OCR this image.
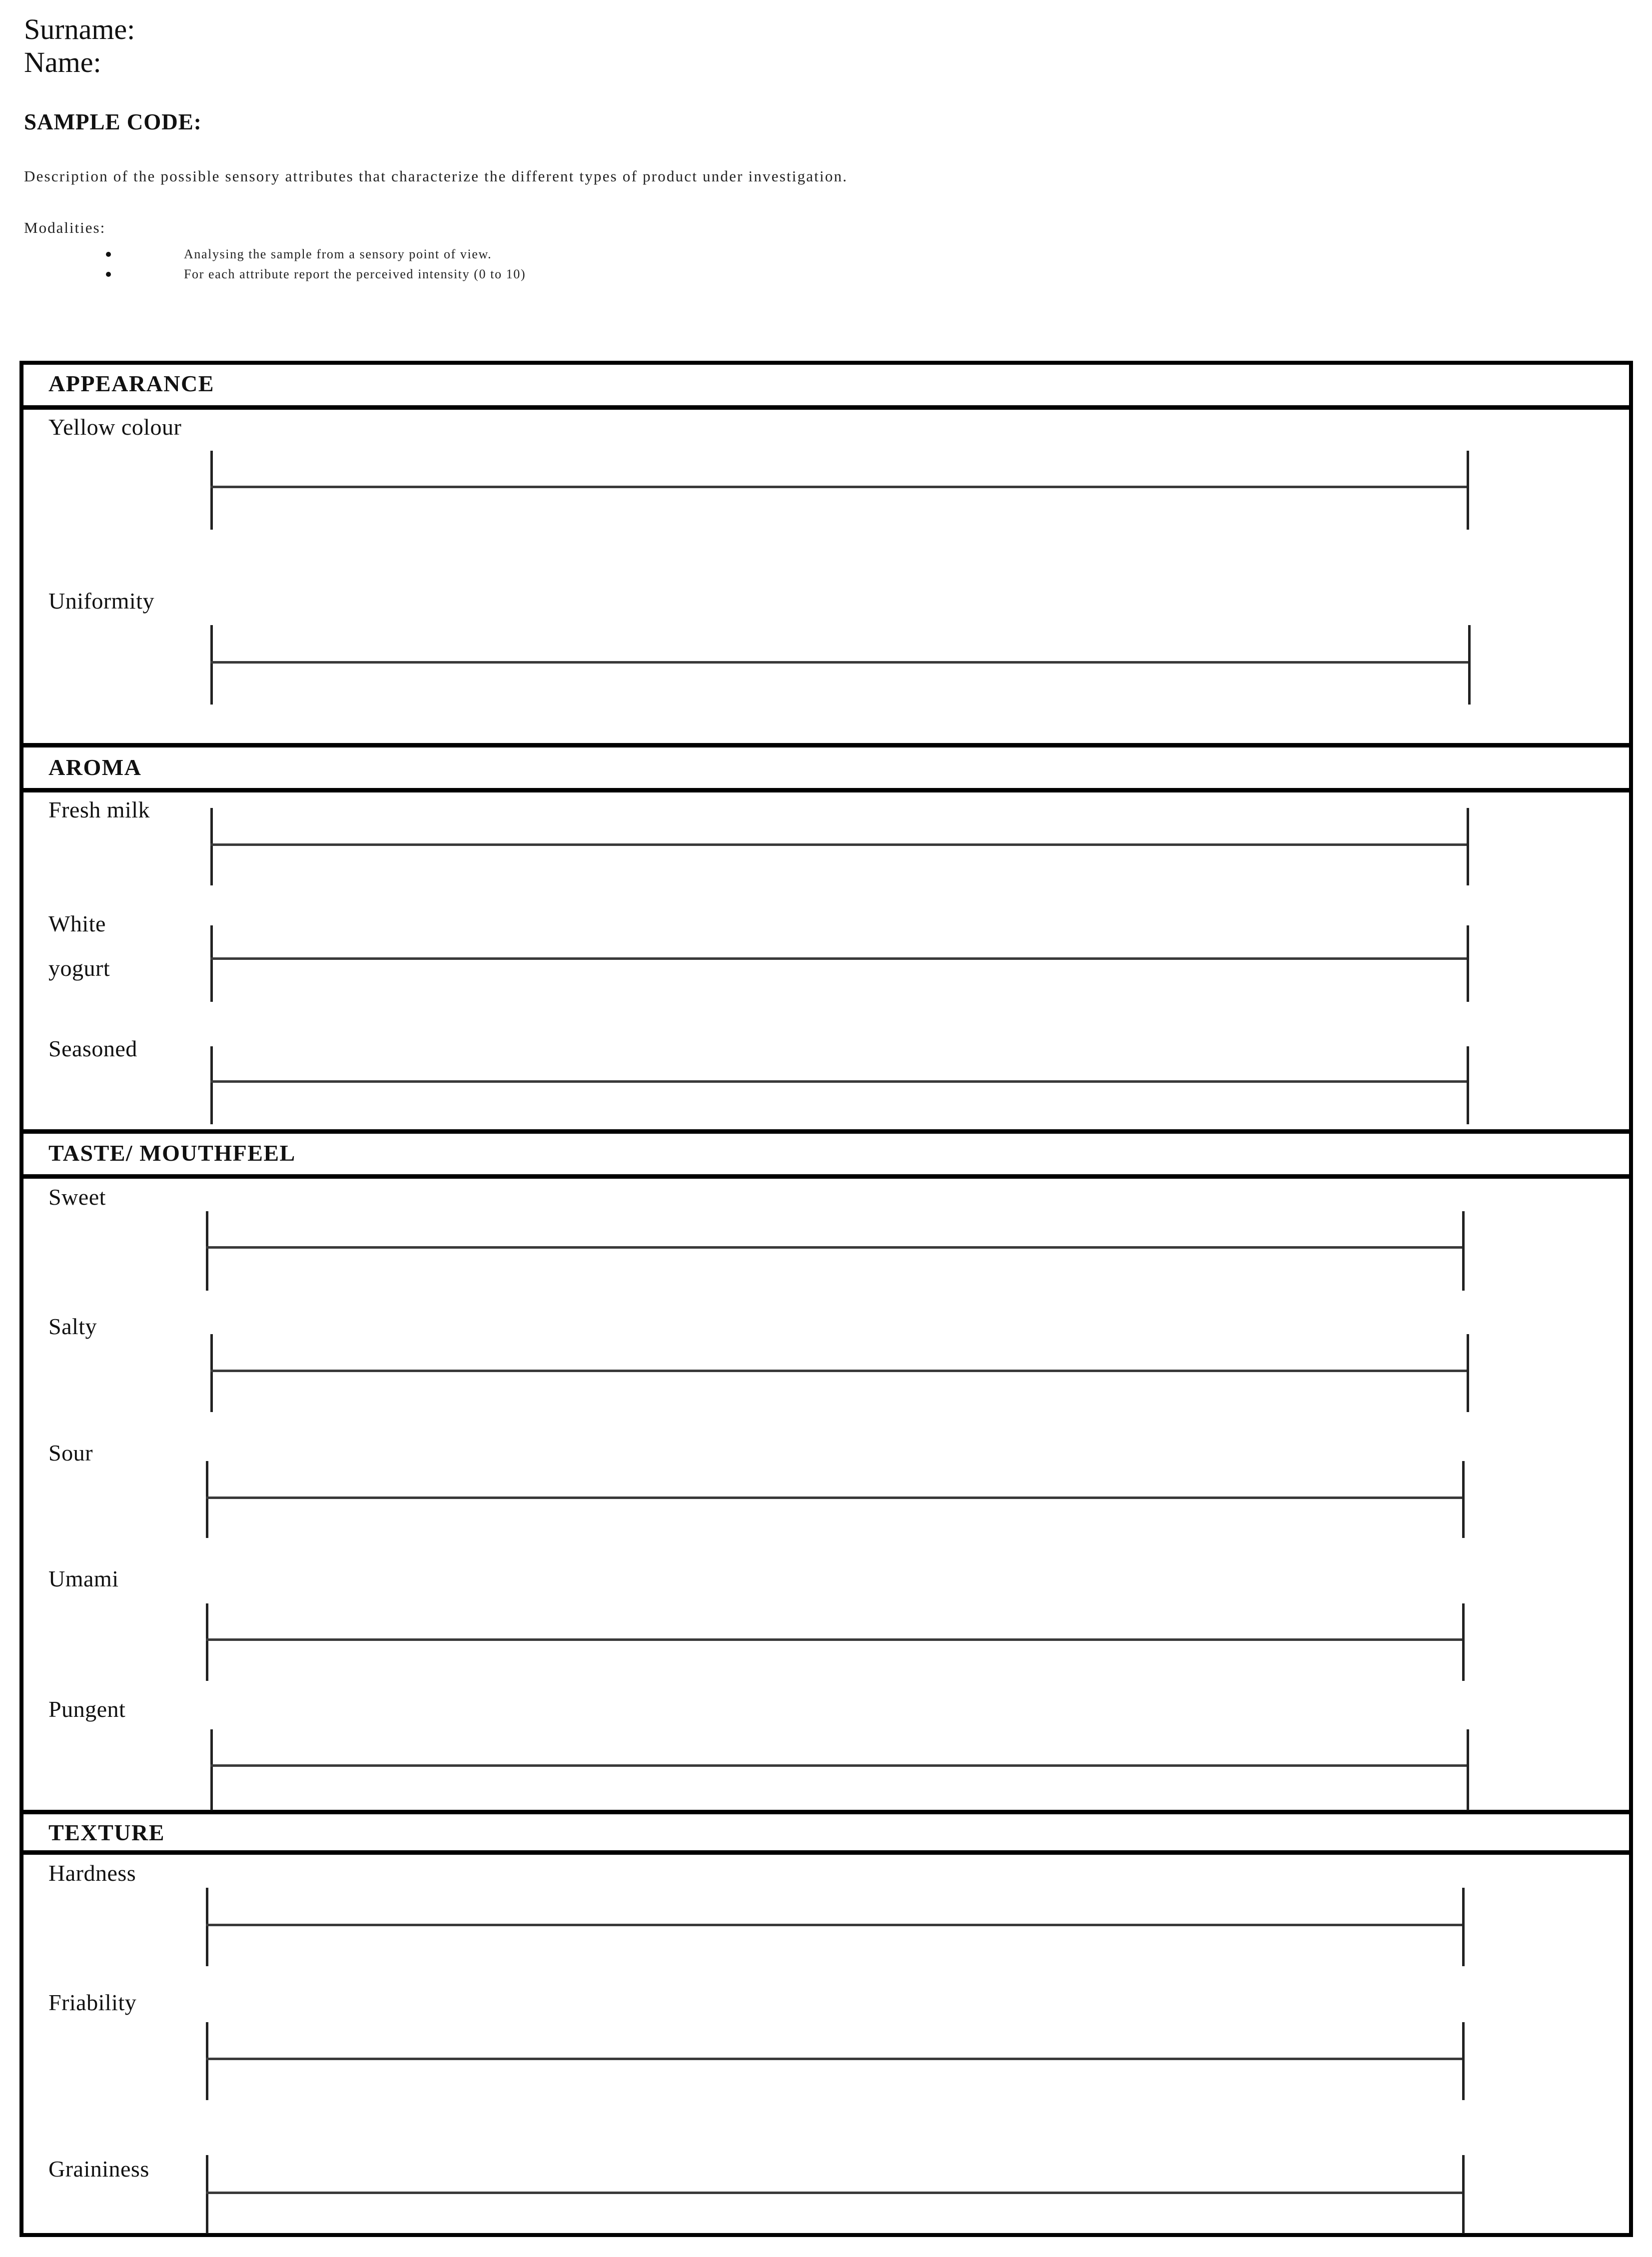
Surname:
Name:
SAMPLE CODE:
Description of the possible sensory attributes that characterize the different types of product under investigation.
Modalities:
Analysing the sample from a sensory point of view.
For each attribute report the perceived intensity (0 to 10)
APPEARANCE
Yellow colour
Uniformity
AROMA
Fresh milk
White
yogurt
Seasoned
TASTE/ MOUTHFEEL
Sweet
Salty
Sour
Umami
Pungent
TEXTURE
Hardness
Friability
Graininess
